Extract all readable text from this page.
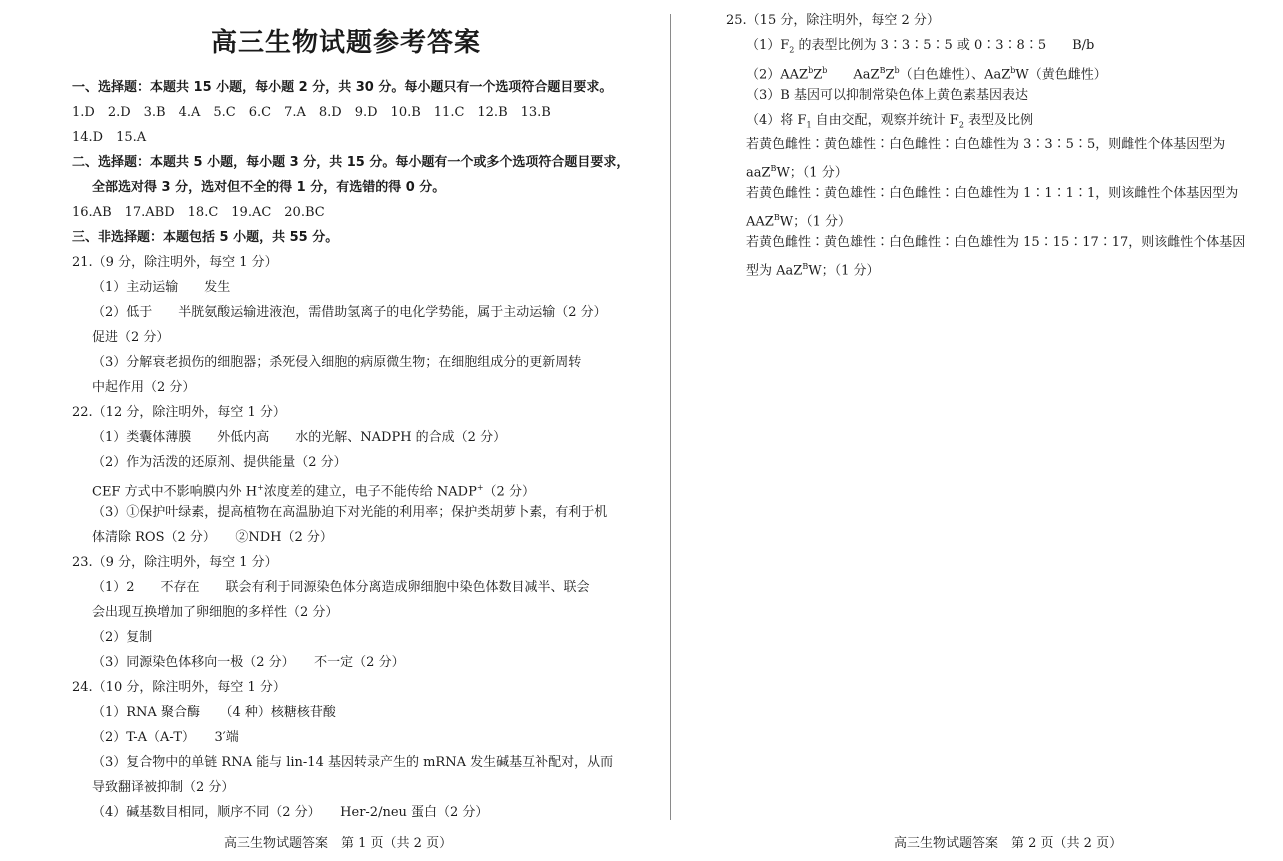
高三生物试题参考答案
一、选择题：本题共 15 小题，每小题 2 分，共 30 分。每小题只有一个选项符合题目要求。
1.D　2.D　3.B　4.A　5.C　6.C　7.A　8.D　9.D　10.B　11.C　12.B　13.B
14.D　15.A
二、选择题：本题共 5 小题，每小题 3 分，共 15 分。每小题有一个或多个选项符合题目要求，
全部选对得 3 分，选对但不全的得 1 分，有选错的得 0 分。
16.AB　17.ABD　18.C　19.AC　20.BC
三、非选择题：本题包括 5 小题，共 55 分。
21.（9 分，除注明外，每空 1 分）
（1）主动运输　　发生
（2）低于　　半胱氨酸运输进液泡，需借助氢离子的电化学势能，属于主动运输（2 分）
促进（2 分）
（3）分解衰老损伤的细胞器；杀死侵入细胞的病原微生物；在细胞组成分的更新周转
中起作用（2 分）
22.（12 分，除注明外，每空 1 分）
（1）类囊体薄膜　　外低内高　　水的光解、NADPH 的合成（2 分）
（2）作为活泼的还原剂、提供能量（2 分）
CEF 方式中不影响膜内外 H+浓度差的建立，电子不能传给 NADP+（2 分）
（3）①保护叶绿素，提高植物在高温胁迫下对光能的利用率；保护类胡萝卜素，有利于机
体清除 ROS（2 分）　　②NDH（2 分）
23.（9 分，除注明外，每空 1 分）
（1）2　　不存在　　联会有利于同源染色体分离造成卵细胞中染色体数目减半、联会
会出现互换增加了卵细胞的多样性（2 分）
（2）复制
（3）同源染色体移向一极（2 分）　　不一定（2 分）
24.（10 分，除注明外，每空 1 分）
（1）RNA 聚合酶　　（4 种）核糖核苷酸
（2）T-A（A-T）　　3′端
（3）复合物中的单链 RNA 能与 lin-14 基因转录产生的 mRNA 发生碱基互补配对，从而
导致翻译被抑制（2 分）
（4）碱基数目相同，顺序不同（2 分）　　Her-2/neu 蛋白（2 分）
高三生物试题答案　第 1 页（共 2 页）
25.（15 分，除注明外，每空 2 分）
$(1)F_2$ 的表型比例为 3∶3∶5∶5 或 0∶3∶8∶5　　B/b
$(2)AAZ^bZ^b$　　$AaZ^BZ^b$（白色雄性）、AaZ$^b$W（黄色雌性）
（3）B 基因可以抑制常染色体上黄色素基因表达
（4）将 $F_1$ 自由交配，观察并统计 $F_2$ 表型及比例
若黄色雌性∶黄色雄性∶白色雌性∶白色雄性为 3∶3∶5∶5，则雌性个体基因型为
aaZ$^B$W；（1 分）
若黄色雌性∶黄色雄性∶白色雌性∶白色雄性为 1∶1∶1∶1，则该雌性个体基因型为
$AAZ^BW$；（1 分）
若黄色雌性∶黄色雄性∶白色雌性∶白色雄性为 15∶15∶17∶17，则该雌性个体基因
型为 AaZ$^B$W；（1 分）
高三生物试题答案　第 2 页（共 2 页）
